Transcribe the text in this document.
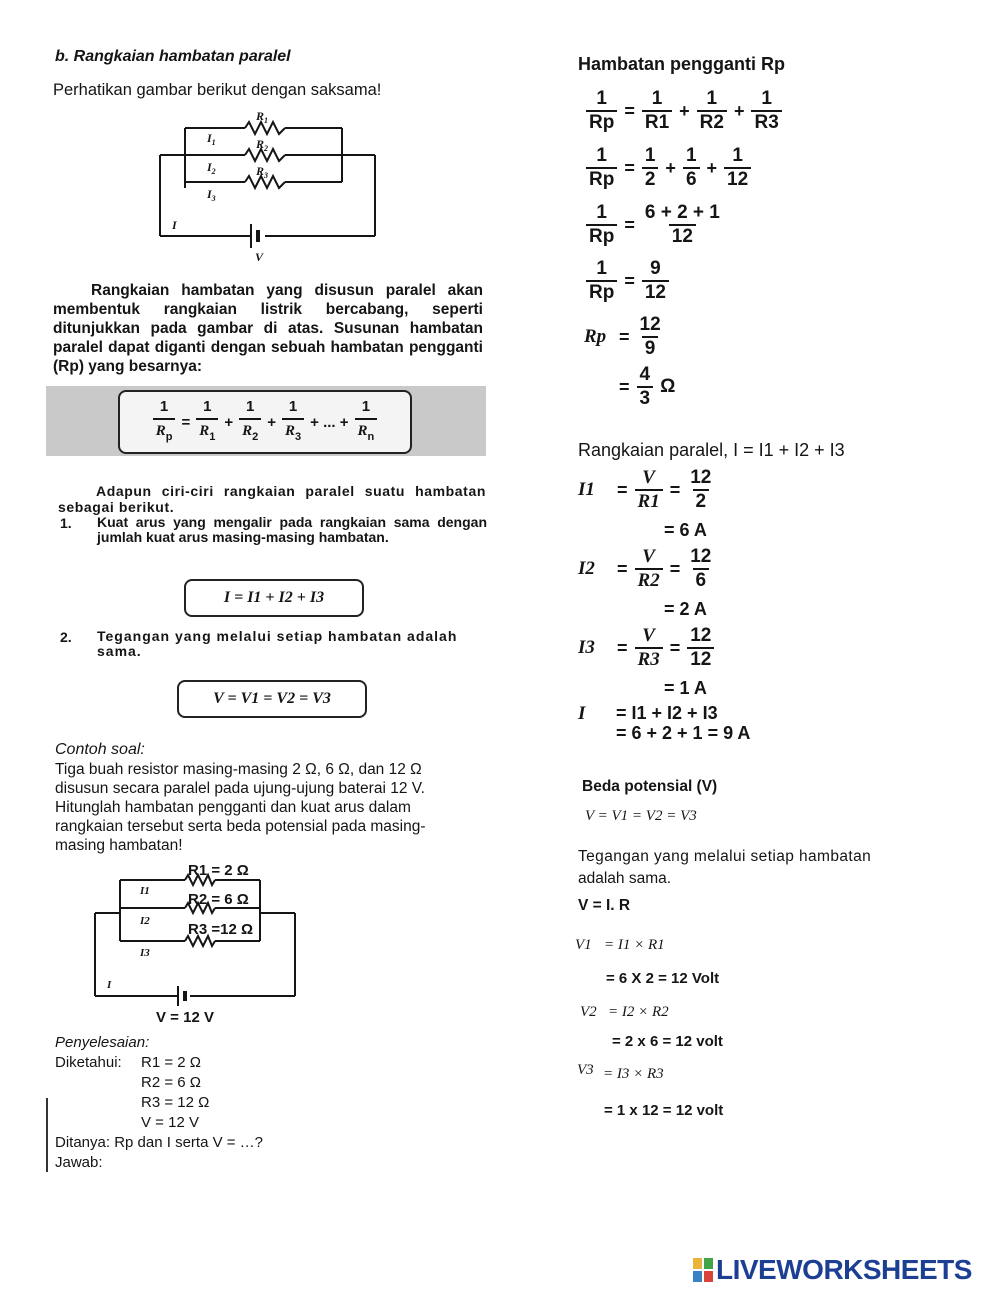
b. Rangkaian hambatan paralel
Perhatikan gambar berikut dengan saksama!
$R_1$
$R_2$
$R_3$
$I_1$
$I_2$
$I_3$
I
V
Rangkaian hambatan yang disusun paralel akan membentuk rangkaian listrik bercabang, seperti ditunjukkan pada gambar di atas. Susunan hambatan paralel dapat diganti dengan sebuah hambatan pengganti (Rp) yang besarnya:
$\frac{1}{R_p} = \frac{1}{R_1} + \frac{1}{R_2} + \frac{1}{R_3}$ + ... + $\frac{1}{R_n}$
Adapun ciri-ciri rangkaian paralel suatu hambatan sebagai berikut.
1. Kuat arus yang mengalir pada rangkaian sama dengan jumlah kuat arus masing-masing hambatan.
I = I1 + I2 + I3
2. Tegangan yang melalui setiap hambatan adalah sama.
V = V1 = V2 = V3
Contoh soal:
Tiga buah resistor masing-masing 2 Ω, 6 Ω, dan 12 Ω disusun secara paralel pada ujung-ujung baterai 12 V. Hitunglah hambatan pengganti dan kuat arus dalam rangkaian tersebut serta beda potensial pada masing-masing hambatan!
R1 = 2 Ω
R2 = 6 Ω
R3 =12 Ω
V = 12 V
I1
I2
I3
I
Penyelesaian:
Diketahui: R1 = 2 Ω
R2 = 6 Ω
R3 = 12 Ω
V = 12 V
Ditanya: Rp dan I serta V = …?
Jawab:
Hambatan pengganti Rp
$\frac{1}{Rp} = \frac{1}{R1} + \frac{1}{R2} + \frac{1}{R3}$
$\frac{1}{Rp} = \frac{1}{2} + \frac{1}{6} + \frac{1}{12}$
$\frac{1}{Rp} = \frac{6 + 2 + 1}{12}$
$\frac{1}{Rp} = \frac{9}{12}$
$Rp = \frac{12}{9}$
= $\frac{4}{3}$ Ω
Rangkaian paralel, I = I1 + I2 + I3
I1	= $\frac{V}{R1} = \frac{12}{2}$
= 6 A
I2	= $\frac{V}{R2} = \frac{12}{6}$
= 2 A
I3	= $\frac{V}{R3} = \frac{12}{12}$
= 1 A
I = I1 + I2 + I3
= 6 + 2 + 1 = 9 A
Beda potensial (V)
V = V1 = V2 = V3
Tegangan yang melalui setiap hambatan
adalah sama.
V = I. R
V1 = I1 × R1
= 6 X 2 = 12 Volt
V2 = I2 × R2
= 2 x 6 = 12 volt
V3 = I3 × R3
= 1 x 12 = 12 volt
LIVEWORKSHEETS
